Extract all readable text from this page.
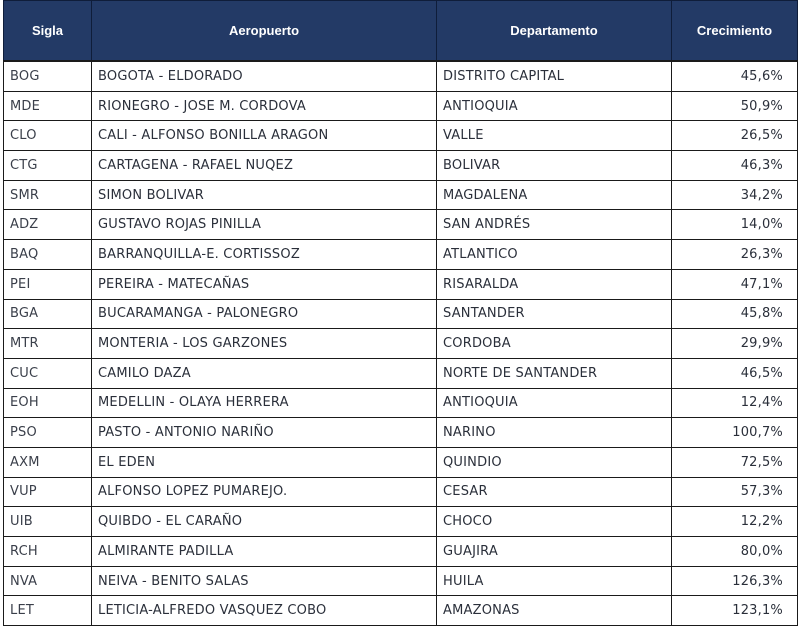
Sigla	Aeropuerto	Departamento	Crecimiento
BOG	BOGOTA - ELDORADO	DISTRITO CAPITAL	45,6%
MDE	RIONEGRO - JOSE M. CORDOVA	ANTIOQUIA	50,9%
CLO	CALI - ALFONSO BONILLA ARAGON	VALLE	26,5%
CTG	CARTAGENA - RAFAEL NUQEZ	BOLIVAR	46,3%
SMR	SIMON BOLIVAR	MAGDALENA	34,2%
ADZ	GUSTAVO ROJAS PINILLA	SAN ANDRÉS	14,0%
BAQ	BARRANQUILLA-E. CORTISSOZ	ATLANTICO	26,3%
PEI	PEREIRA - MATECAÑAS	RISARALDA	47,1%
BGA	BUCARAMANGA - PALONEGRO	SANTANDER	45,8%
MTR	MONTERIA - LOS GARZONES	CORDOBA	29,9%
CUC	CAMILO DAZA	NORTE DE SANTANDER	46,5%
EOH	MEDELLIN - OLAYA HERRERA	ANTIOQUIA	12,4%
PSO	PASTO - ANTONIO NARIÑO	NARINO	100,7%
AXM	EL EDEN	QUINDIO	72,5%
VUP	ALFONSO LOPEZ PUMAREJO.	CESAR	57,3%
UIB	QUIBDO - EL CARAÑO	CHOCO	12,2%
RCH	ALMIRANTE PADILLA	GUAJIRA	80,0%
NVA	NEIVA - BENITO SALAS	HUILA	126,3%
LET	LETICIA-ALFREDO VASQUEZ COBO	AMAZONAS	123,1%
